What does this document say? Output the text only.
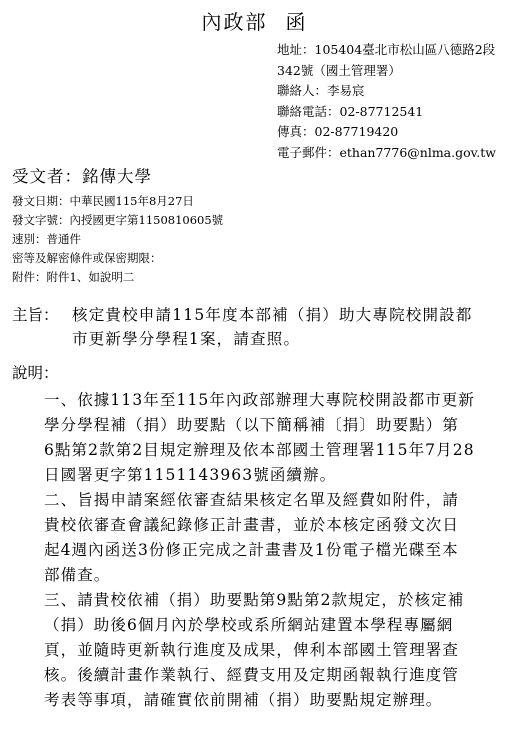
內政部 函
地址：105404臺北市松山區八德路2段
342號（國土管理署）
聯絡人：李易宸
聯絡電話：02-87712541
傳真：02-87719420
電子郵件：ethan7776@nlma.gov.tw
受文者：銘傳大學
發文日期：中華民國115年8月27日
發文字號：內授國更字第1150810605號
速別：普通件
密等及解密條件或保密期限：
附件：附件1、如說明二
主旨： 核定貴校申請115年度本部補（捐）助大專院校開設都
市更新學分學程1案，請查照。
說明：
一、依據113年至115年內政部辦理大專院校開設都市更新
學分學程補（捐）助要點（以下簡稱補〔捐〕助要點）第
6點第2款第2目規定辦理及依本部國土管理署115年7月28
日國署更字第1151143963號函續辦。
二、旨揭申請案經依審查結果核定名單及經費如附件，請
貴校依審查會議紀錄修正計畫書，並於本核定函發文次日
起4週內函送3份修正完成之計畫書及1份電子檔光碟至本
部備查。
三、請貴校依補（捐）助要點第9點第2款規定，於核定補
（捐）助後6個月內於學校或系所網站建置本學程專屬網
頁，並隨時更新執行進度及成果，俾利本部國土管理署查
核。後續計畫作業執行、經費支用及定期函報執行進度管
考表等事項，請確實依前開補（捐）助要點規定辦理。
